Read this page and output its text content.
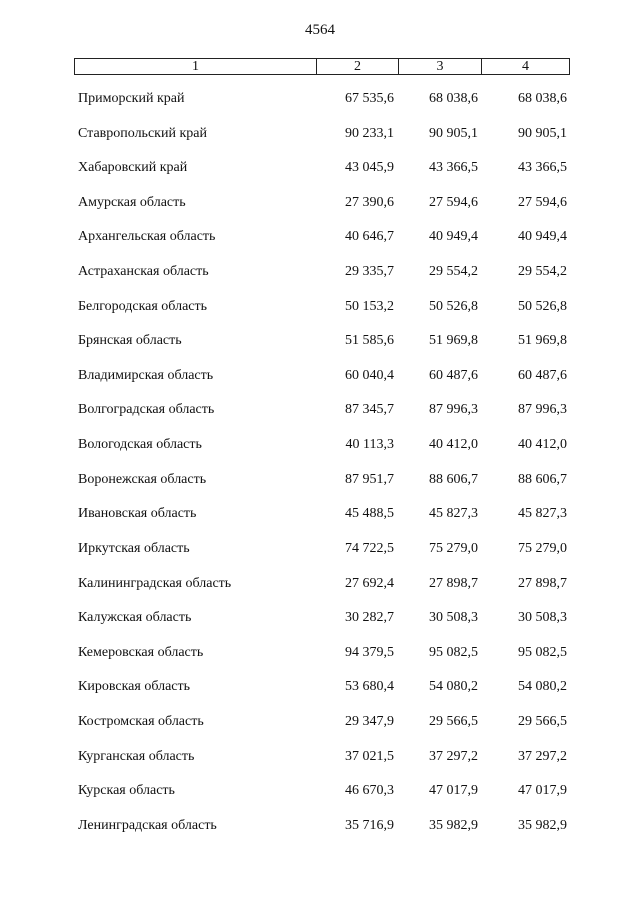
4564
1	2	3	4
Приморский край	67 535,6	68 038,6	68 038,6
Ставропольский край	90 233,1	90 905,1	90 905,1
Хабаровский край	43 045,9	43 366,5	43 366,5
Амурская область	27 390,6	27 594,6	27 594,6
Архангельская область	40 646,7	40 949,4	40 949,4
Астраханская область	29 335,7	29 554,2	29 554,2
Белгородская область	50 153,2	50 526,8	50 526,8
Брянская область	51 585,6	51 969,8	51 969,8
Владимирская область	60 040,4	60 487,6	60 487,6
Волгоградская область	87 345,7	87 996,3	87 996,3
Вологодская область	40 113,3	40 412,0	40 412,0
Воронежская область	87 951,7	88 606,7	88 606,7
Ивановская область	45 488,5	45 827,3	45 827,3
Иркутская область	74 722,5	75 279,0	75 279,0
Калининградская область	27 692,4	27 898,7	27 898,7
Калужская область	30 282,7	30 508,3	30 508,3
Кемеровская область	94 379,5	95 082,5	95 082,5
Кировская область	53 680,4	54 080,2	54 080,2
Костромская область	29 347,9	29 566,5	29 566,5
Курганская область	37 021,5	37 297,2	37 297,2
Курская область	46 670,3	47 017,9	47 017,9
Ленинградская область	35 716,9	35 982,9	35 982,9
